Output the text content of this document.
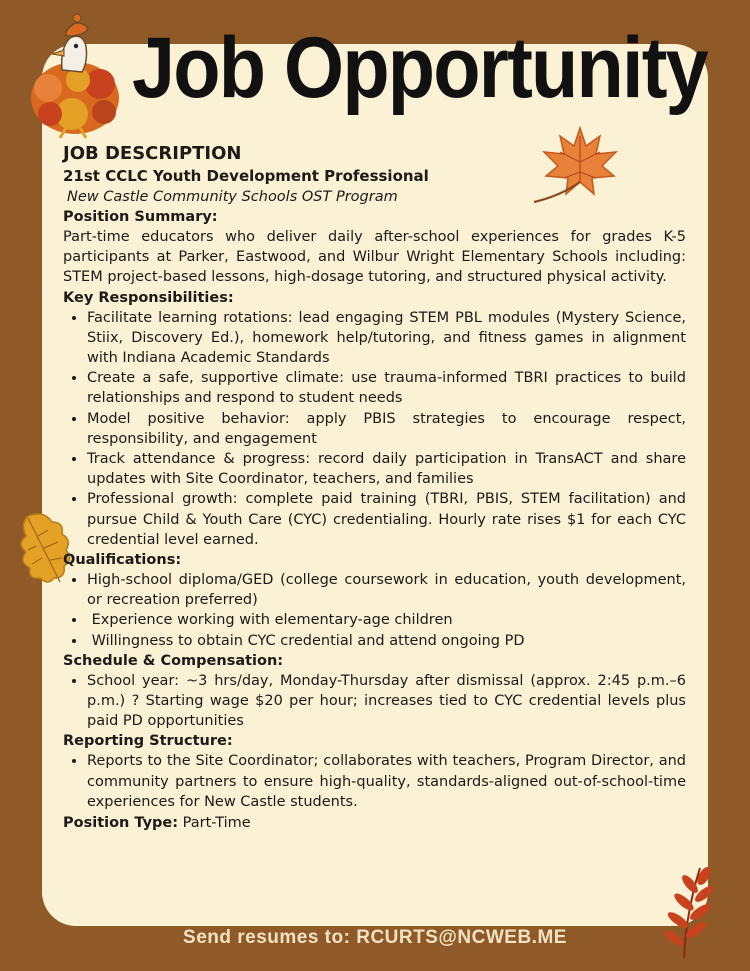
Job Opportunity

JOB DESCRIPTION

21st CCLC Youth Development Professional

New Castle Community Schools OST Program

Position Summary:

Part-time educators who deliver daily after-school experiences for grades K-5 participants at Parker, Eastwood, and Wilbur Wright Elementary Schools including: STEM project-based lessons, high-dosage tutoring, and structured physical activity.

Key Responsibilities:

• Facilitate learning rotations: lead engaging STEM PBL modules (Mystery Science, Stiix, Discovery Ed.), homework help/tutoring, and fitness games in alignment with Indiana Academic Standards
• Create a safe, supportive climate: use trauma-informed TBRI practices to build relationships and respond to student needs
• Model positive behavior: apply PBIS strategies to encourage respect, responsibility, and engagement
• Track attendance & progress: record daily participation in TransACT and share updates with Site Coordinator, teachers, and families
• Professional growth: complete paid training (TBRI, PBIS, STEM facilitation) and pursue Child & Youth Care (CYC) credentialing. Hourly rate rises $1 for each CYC credential level earned.

Qualifications:

• High-school diploma/GED (college coursework in education, youth development, or recreation preferred)
•  Experience working with elementary-age children
•  Willingness to obtain CYC credential and attend ongoing PD

Schedule & Compensation:

• School year: ~3 hrs/day, Monday-Thursday after dismissal (approx. 2:45 p.m.–6 p.m.) ? Starting wage $20 per hour; increases tied to CYC credential levels plus paid PD opportunities

Reporting Structure:

• Reports to the Site Coordinator; collaborates with teachers, Program Director, and community partners to ensure high-quality, standards-aligned out-of-school-time experiences for New Castle students.

Position Type: Part-Time

Send resumes to: RCURTS@NCWEB.ME
